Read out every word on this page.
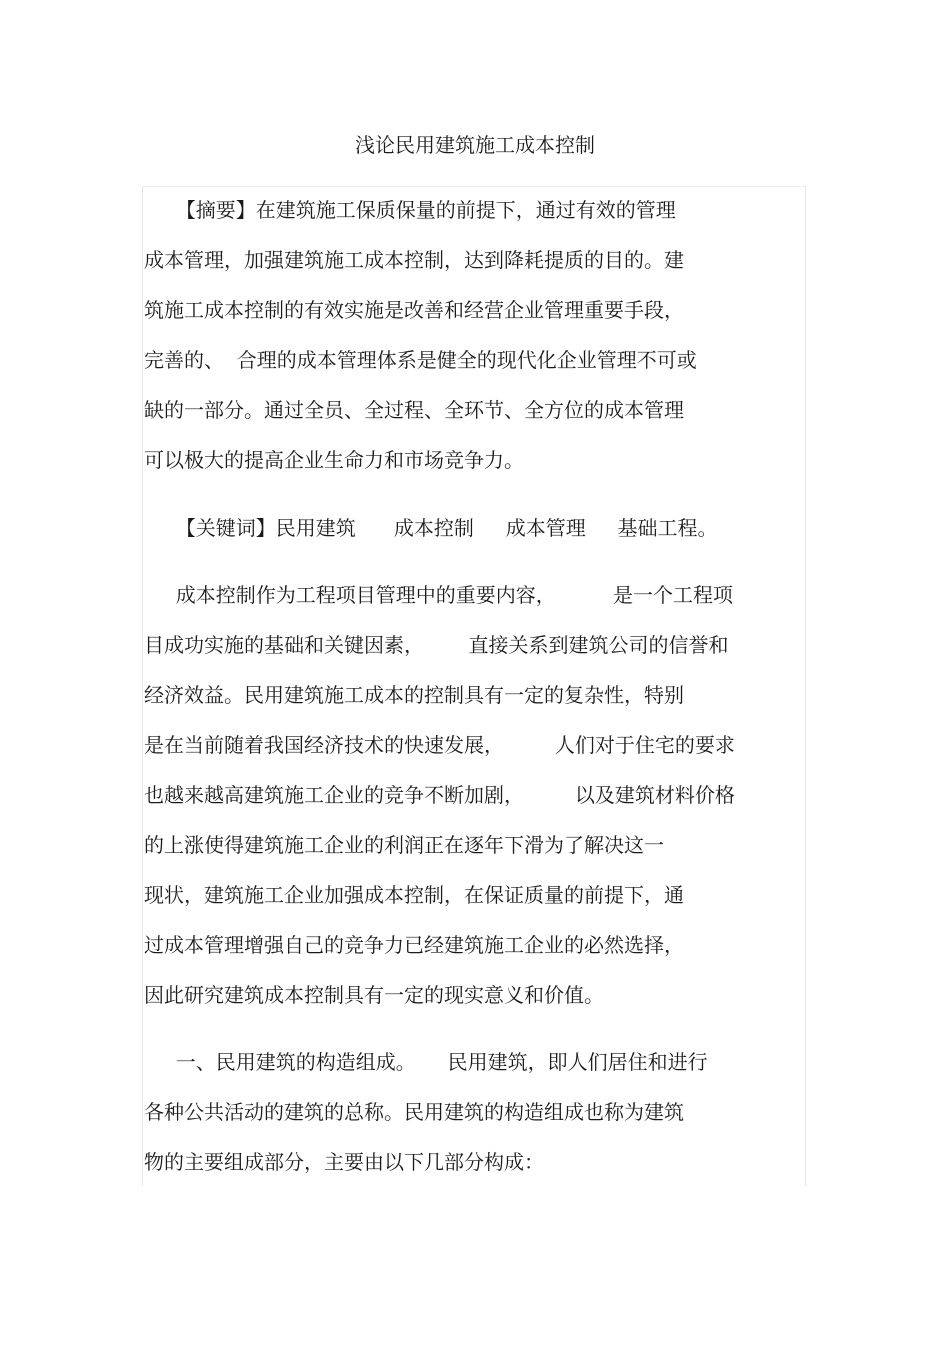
浅论民用建筑施工成本控制
【摘要】在建筑施工保质保量的前提下，通过有效的管理
成本管理，加强建筑施工成本控制，达到降耗提质的目的。建
筑施工成本控制的有效实施是改善和经营企业管理重要手段，
完善的、  合理的成本管理体系是健全的现代化企业管理不可或
缺的一部分。通过全员、全过程、全环节、全方位的成本管理
可以极大的提高企业生命力和市场竞争力。
【关键词】民用建筑      成本控制     成本管理     基础工程。
成本控制作为工程项目管理中的重要内容，         是一个工程项
目成功实施的基础和关键因素，       直接关系到建筑公司的信誉和
经济效益。民用建筑施工成本的控制具有一定的复杂性，特别
是在当前随着我国经济技术的快速发展，        人们对于住宅的要求
也越来越高建筑施工企业的竞争不断加剧，        以及建筑材料价格
的上涨使得建筑施工企业的利润正在逐年下滑为了解决这一
现状，建筑施工企业加强成本控制，在保证质量的前提下，通
过成本管理增强自己的竞争力已经建筑施工企业的必然选择，
因此研究建筑成本控制具有一定的现实意义和价值。
一、民用建筑的构造组成。     民用建筑，即人们居住和进行
各种公共活动的建筑的总称。民用建筑的构造组成也称为建筑
物的主要组成部分，主要由以下几部分构成：
